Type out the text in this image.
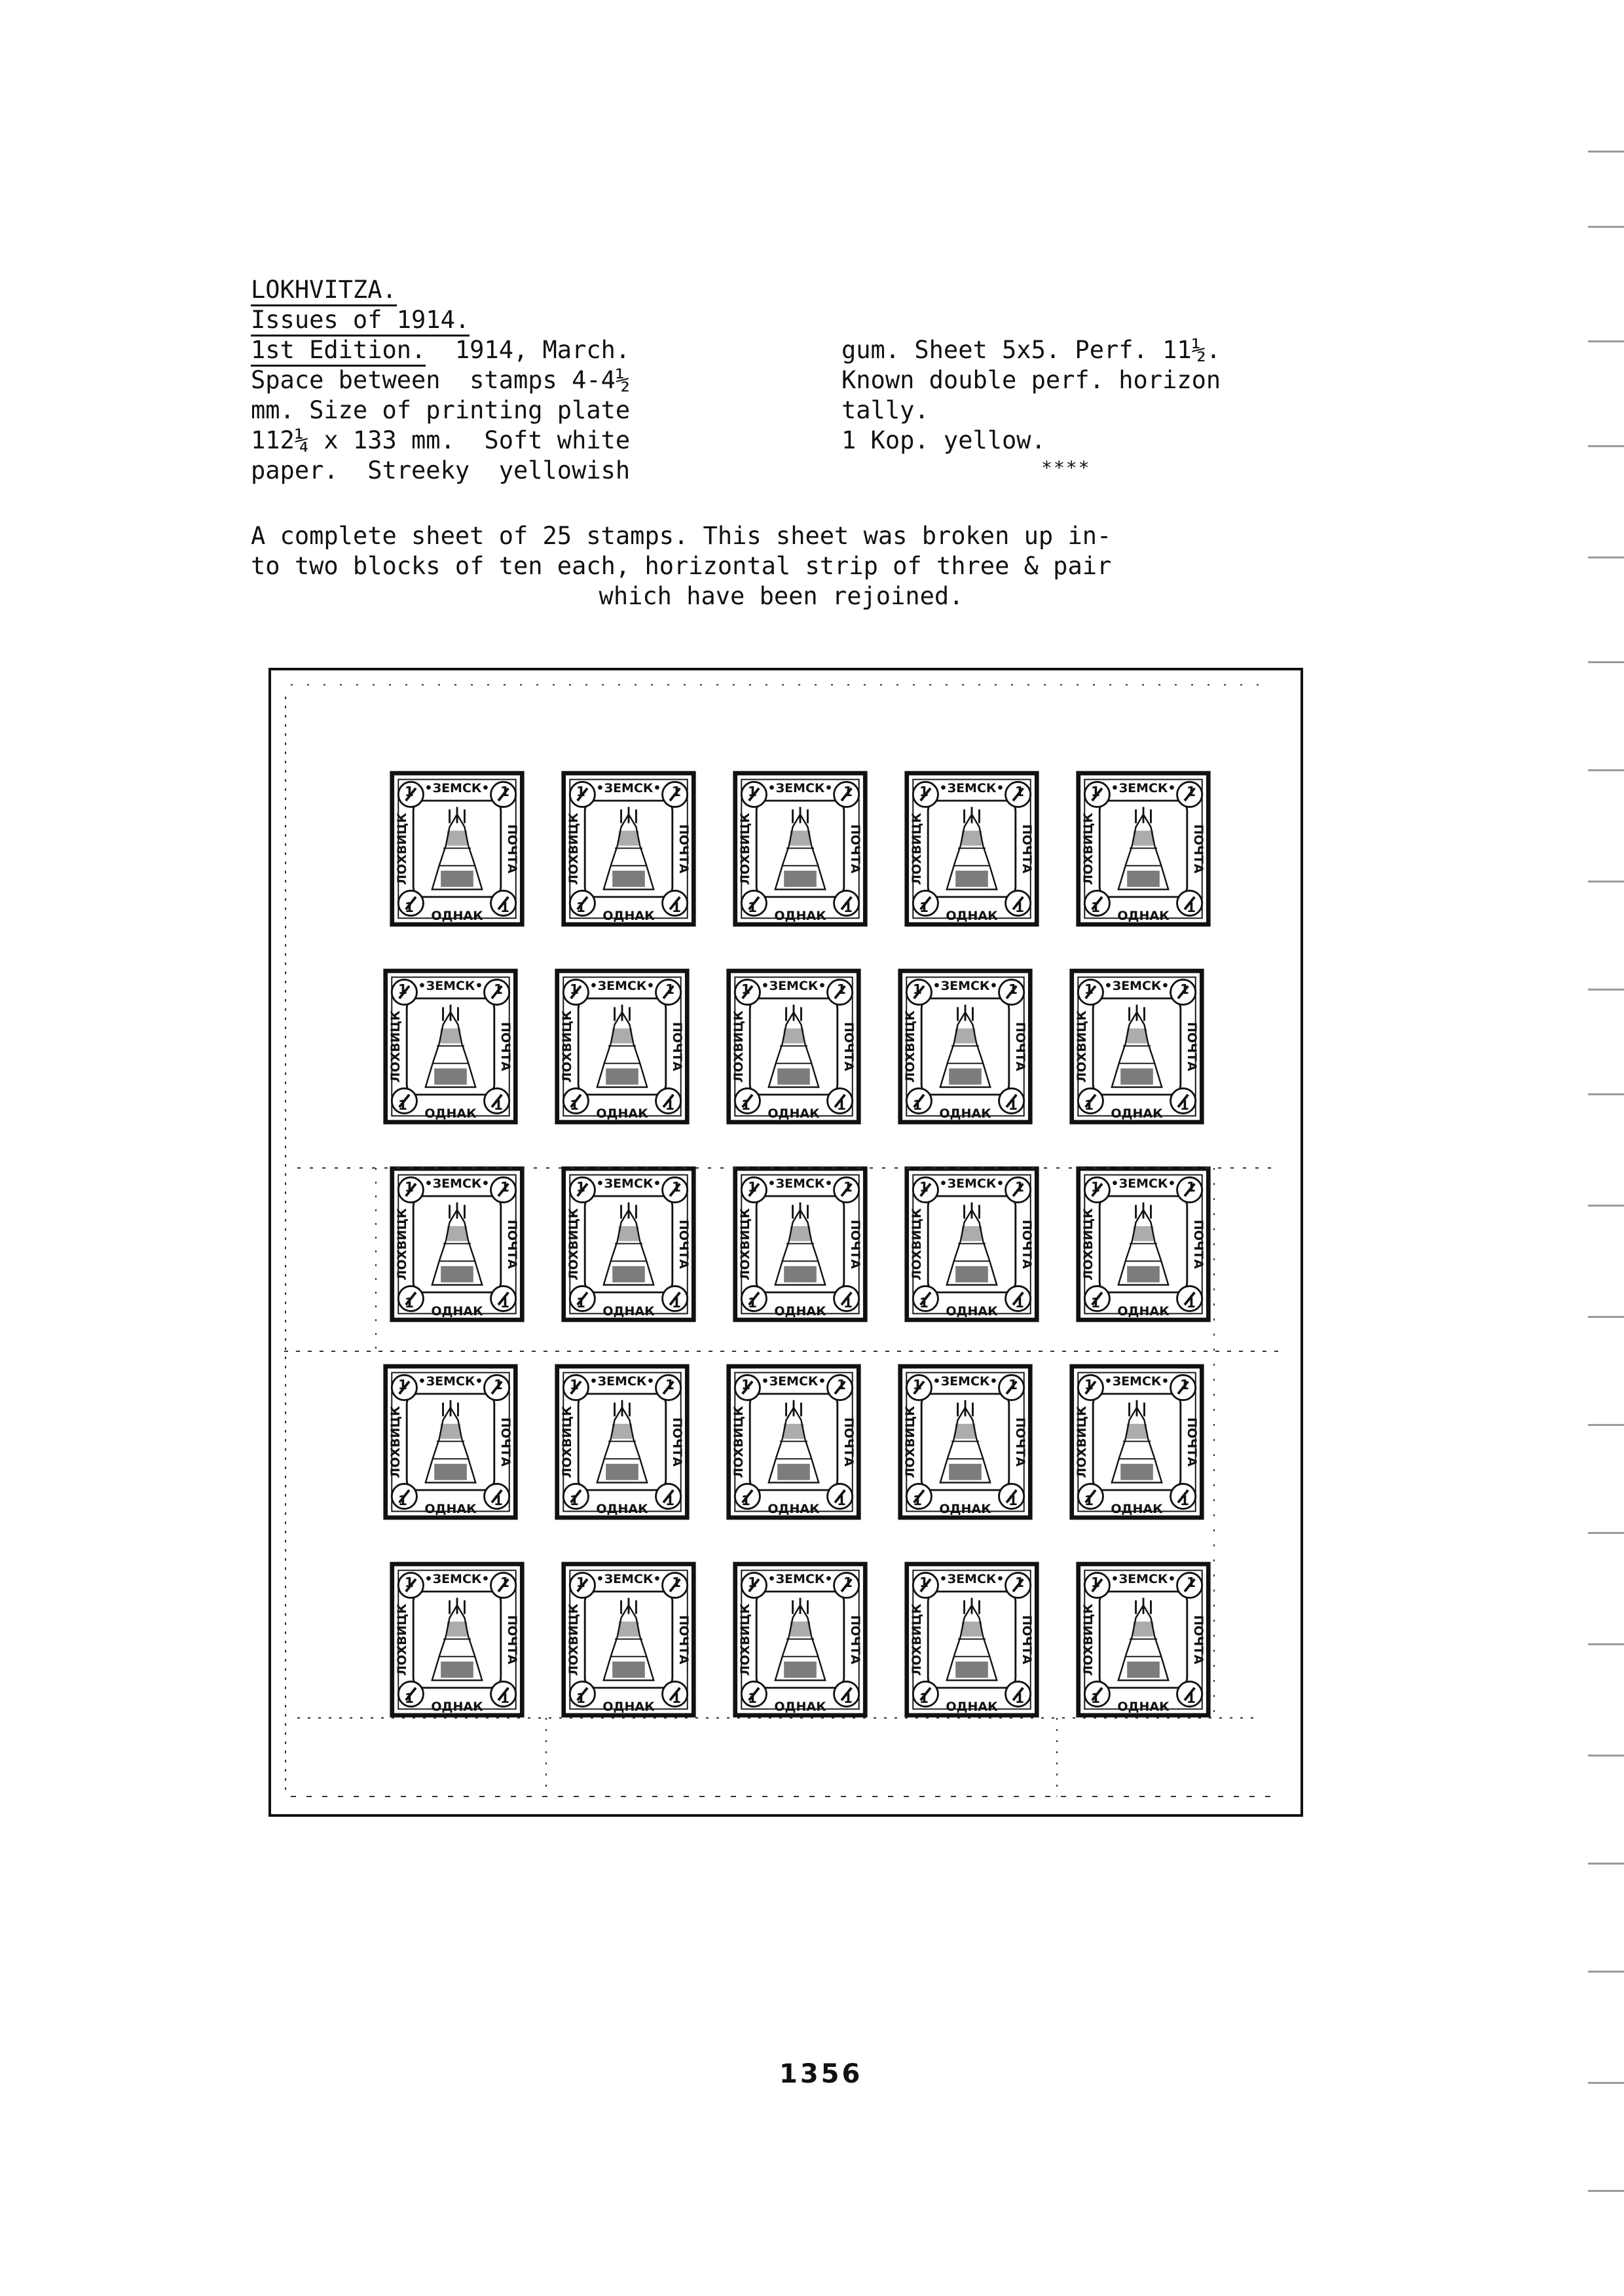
LOKHVITZA.
Issues of 1914.
1st Edition.  1914, March.
Space between  stamps 4-4½
mm. Size of printing plate
112¼ x 133 mm.  Soft white
paper.  Streeky  yellowish
gum. Sheet 5x5. Perf. 11½.
Known double perf. horizon
tally.
1 Kop. yellow.
****
A complete sheet of 25 stamps. This sheet was broken up in-
to two blocks of ten each, horizontal strip of three & pair
which have been rejoined.
•ЗЕМСК•
ОДНАК
ЛОХВИЦК	ПОЧТА
1	1
1	1
•ЗЕМСК•
ОДНАК
ЛОХВИЦК	ПОЧТА
1	1
1	1
•ЗЕМСК•
ОДНАК
ЛОХВИЦК	ПОЧТА
1	1
1	1
•ЗЕМСК•
ОДНАК
ЛОХВИЦК	ПОЧТА
1	1
1	1
•ЗЕМСК•
ОДНАК
ЛОХВИЦК	ПОЧТА
1	1
1	1
•ЗЕМСК•
ОДНАК
ЛОХВИЦК	ПОЧТА
1	1
1	1
•ЗЕМСК•
ОДНАК
ЛОХВИЦК	ПОЧТА
1	1
1	1
•ЗЕМСК•
ОДНАК
ЛОХВИЦК	ПОЧТА
1	1
1	1
•ЗЕМСК•
ОДНАК
ЛОХВИЦК	ПОЧТА
1	1
1	1
•ЗЕМСК•
ОДНАК
ЛОХВИЦК	ПОЧТА
1	1
1	1
•ЗЕМСК•
ОДНАК
ЛОХВИЦК	ПОЧТА
1	1
1	1
•ЗЕМСК•
ОДНАК
ЛОХВИЦК	ПОЧТА
1	1
1	1
•ЗЕМСК•
ОДНАК
ЛОХВИЦК	ПОЧТА
1	1
1	1
•ЗЕМСК•
ОДНАК
ЛОХВИЦК	ПОЧТА
1	1
1	1
•ЗЕМСК•
ОДНАК
ЛОХВИЦК	ПОЧТА
1	1
1	1
•ЗЕМСК•
ОДНАК
ЛОХВИЦК	ПОЧТА
1	1
1	1
•ЗЕМСК•
ОДНАК
ЛОХВИЦК	ПОЧТА
1	1
1	1
•ЗЕМСК•
ОДНАК
ЛОХВИЦК	ПОЧТА
1	1
1	1
•ЗЕМСК•
ОДНАК
ЛОХВИЦК	ПОЧТА
1	1
1	1
•ЗЕМСК•
ОДНАК
ЛОХВИЦК	ПОЧТА
1	1
1	1
•ЗЕМСК•
ОДНАК
ЛОХВИЦК	ПОЧТА
1	1
1	1
•ЗЕМСК•
ОДНАК
ЛОХВИЦК	ПОЧТА
1	1
1	1
•ЗЕМСК•
ОДНАК
ЛОХВИЦК	ПОЧТА
1	1
1	1
•ЗЕМСК•
ОДНАК
ЛОХВИЦК	ПОЧТА
1	1
1	1
•ЗЕМСК•
ОДНАК
ЛОХВИЦК	ПОЧТА
1	1
1	1
1356
